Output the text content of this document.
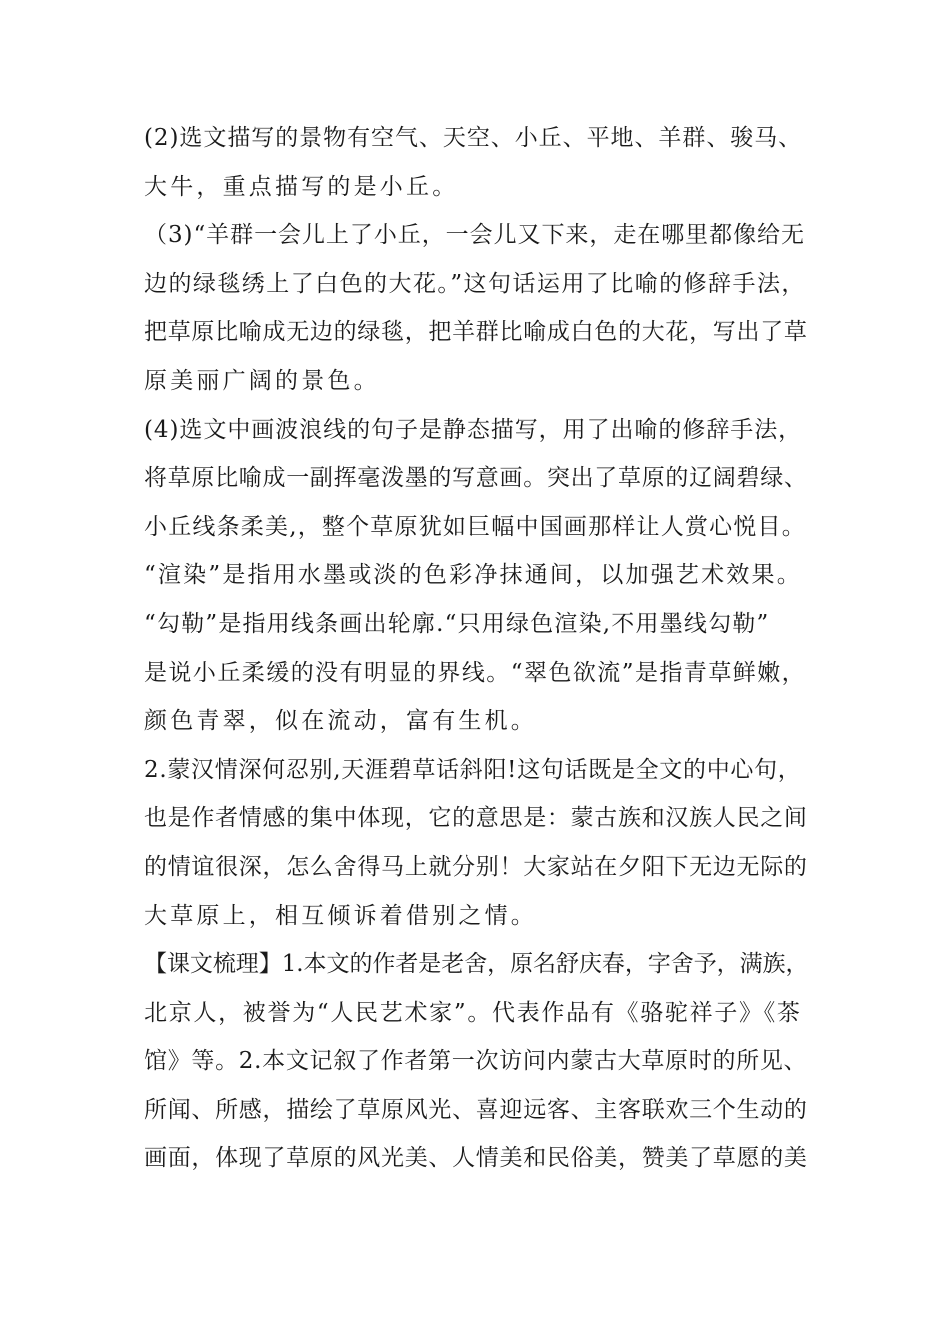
(2)选文描写的景物有空气、天空、小丘、平地、羊群、骏马、
大牛，重点描写的是小丘。
（3)“羊群一会儿上了小丘，一会儿又下来，走在哪里都像给无
边的绿毯绣上了白色的大花。”这句话运用了比喻的修辞手法，
把草原比喻成无边的绿毯，把羊群比喻成白色的大花，写出了草
原美丽广阔的景色。
(4)选文中画波浪线的句子是静态描写，用了出喻的修辞手法，
将草原比喻成一副挥毫泼墨的写意画。突出了草原的辽阔碧绿、
小丘线条柔美,，整个草原犹如巨幅中国画那样让人赏心悦目。
“渲染”是指用水墨或淡的色彩净抹通间，以加强艺术效果。
“勾勒”是指用线条画出轮廓.“只用绿色渲染,不用墨线勾勒”
是说小丘柔缓的没有明显的界线。“翠色欲流”是指青草鲜嫩，
颜色青翠，似在流动，富有生机。
2.蒙汉情深何忍别,天涯碧草话斜阳!这句话既是全文的中心句，
也是作者情感的集中体现，它的意思是：蒙古族和汉族人民之间
的情谊很深，怎么舍得马上就分别！大家站在夕阳下无边无际的
大草原上，相互倾诉着借别之情。
【课文梳理】1.本文的作者是老舍，原名舒庆春，字舍予，满族，
北京人，被誉为“人民艺术家”。代表作品有《骆驼祥子》《茶
馆》等。2.本文记叙了作者第一次访问内蒙古大草原时的所见、
所闻、所感，描绘了草原风光、喜迎远客、主客联欢三个生动的
画面，体现了草原的风光美、人情美和民俗美，赞美了草愿的美
